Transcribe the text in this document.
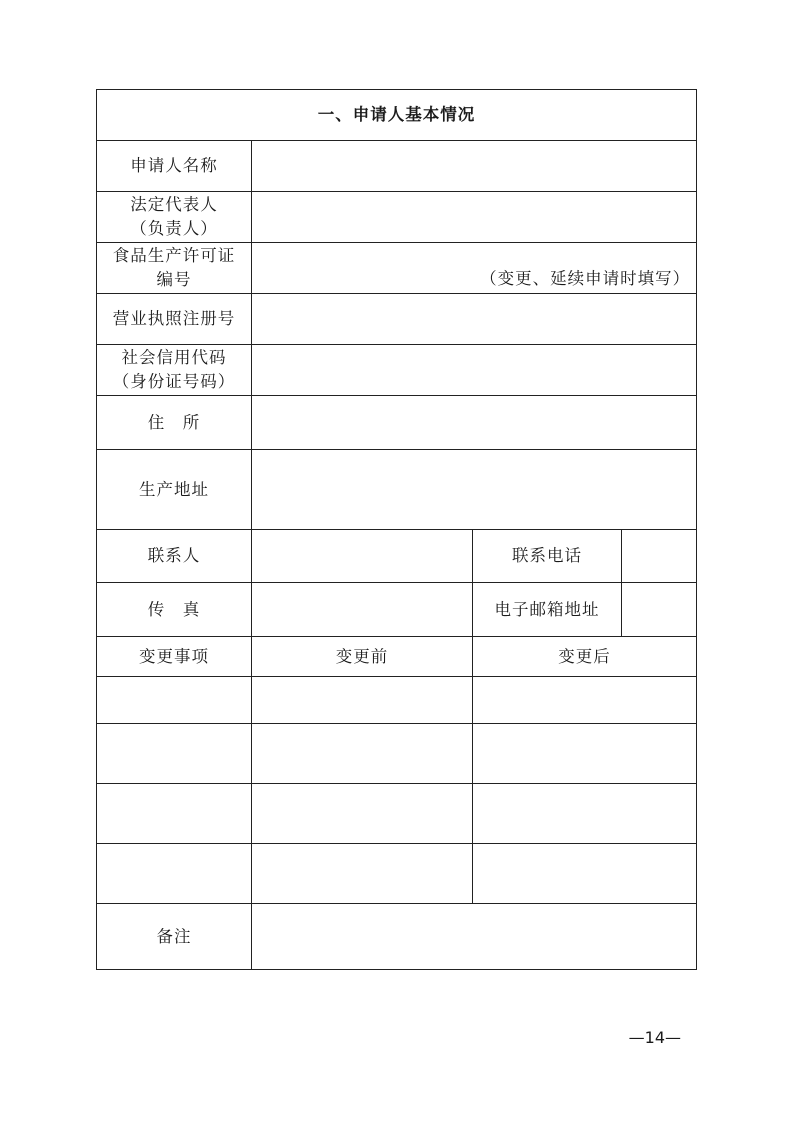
一、申请人基本情况			
申请人名称			

法定代表人
（负责人）			

食品生产许可证
编号	（变更、延续申请时填写）		
营业执照注册号			

社会信用代码
（身份证号码）			

住　所			
生产地址			
联系人		联系电话	
传　真		电子邮箱地址	
变更事项	变更前	变更后	

备注			
—14—
